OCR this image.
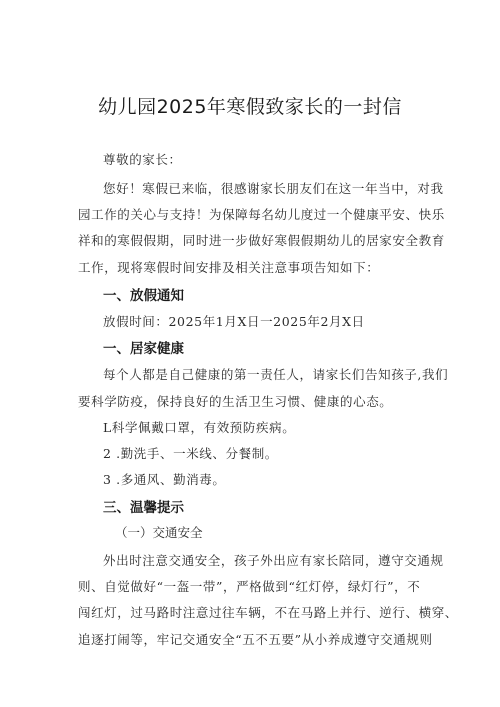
幼儿园2025年寒假致家长的一封信
尊敬的家长：
您好！寒假已来临，很感谢家长朋友们在这一年当中，对我
园工作的关心与支持！为保障每名幼儿度过一个健康平安、快乐
祥和的寒假假期，同时进一步做好寒假假期幼儿的居家安全教育
工作，现将寒假时间安排及相关注意事项告知如下：
一、放假通知
放假时间：2025年1月X日一2025年2月X日
一、居家健康
每个人都是自己健康的第一责任人，请家长们告知孩子,我们
要科学防疫，保持良好的生活卫生习惯、健康的心态。
L科学佩戴口罩，有效预防疾病。
2 .勤洗手、一米线、分餐制。
3 .多通风、勤消毒。
三、温馨提示
（一）交通安全
外出时注意交通安全，孩子外出应有家长陪同，遵守交通规
则、自觉做好“一盔一带”，严格做到“红灯停，绿灯行”，不
闯红灯，过马路时注意过往车辆，不在马路上并行、逆行、横穿、
追逐打闹等，牢记交通安全“五不五要”从小养成遵守交通规则
